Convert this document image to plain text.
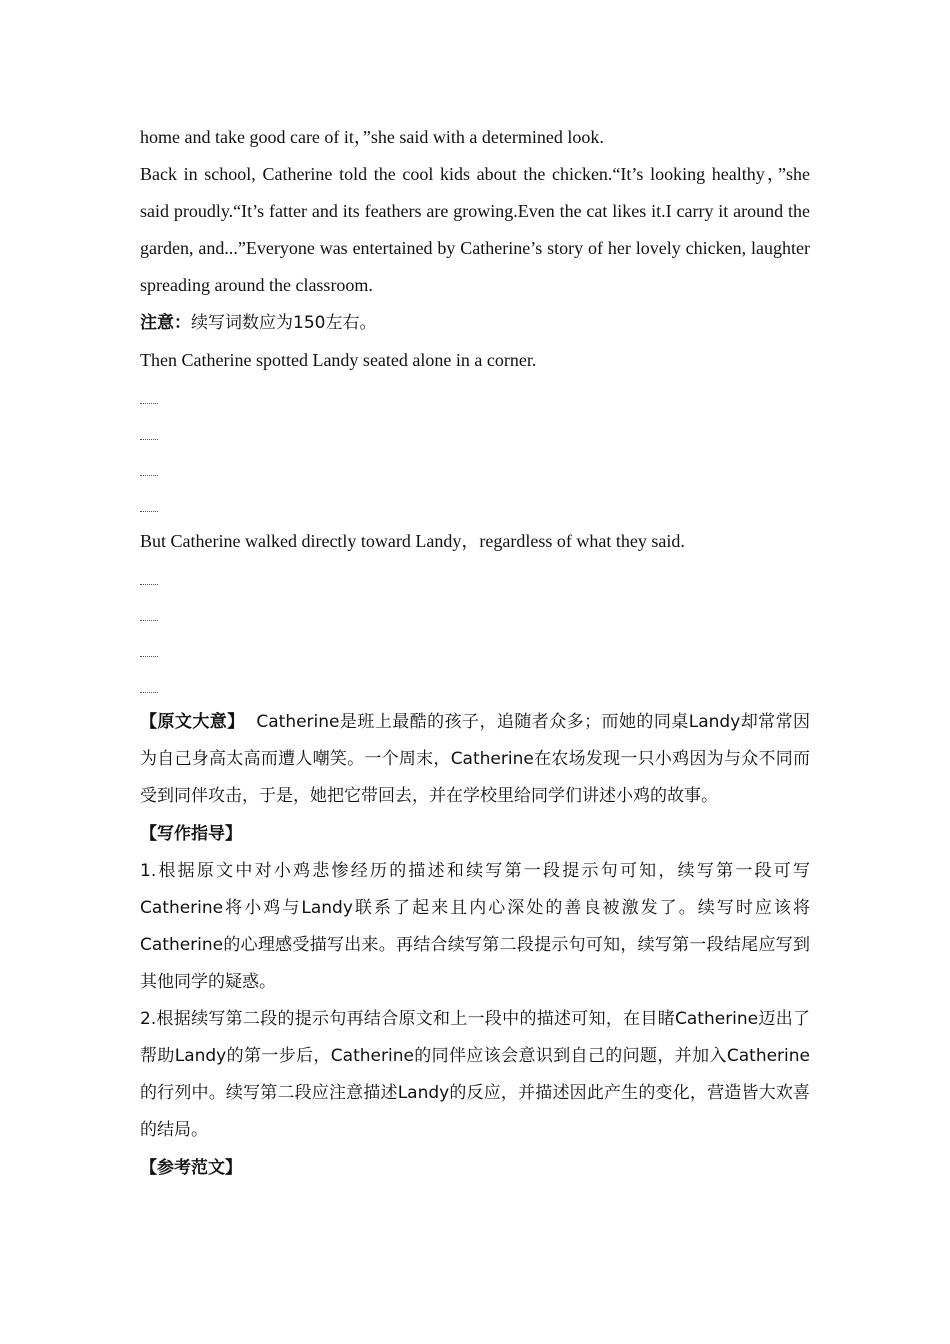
home and take good care of it，”she said with a determined look.

Back in school, Catherine told the cool kids about the chicken.“It’s looking healthy，”she said proudly.“It’s fatter and its feathers are growing.Even the cat likes it.I carry it around the garden, and...”Everyone was entertained by Catherine’s story of her lovely chicken, laughter spreading around the classroom.

注意：续写词数应为150左右。

Then Catherine spotted Landy seated alone in a corner.

But Catherine walked directly toward Landy，regardless of what they said.

【原文大意】 Catherine是班上最酷的孩子，追随者众多；而她的同桌Landy却常常因为自己身高太高而遭人嘲笑。一个周末，Catherine在农场发现一只小鸡因为与众不同而受到同伴攻击，于是，她把它带回去，并在学校里给同学们讲述小鸡的故事。

【写作指导】

1.根据原文中对小鸡悲惨经历的描述和续写第一段提示句可知，续写第一段可写Catherine将小鸡与Landy联系了起来且内心深处的善良被激发了。续写时应该将Catherine的心理感受描写出来。再结合续写第二段提示句可知，续写第一段结尾应写到其他同学的疑惑。

2.根据续写第二段的提示句再结合原文和上一段中的描述可知，在目睹Catherine迈出了帮助Landy的第一步后，Catherine的同伴应该会意识到自己的问题，并加入Catherine的行列中。续写第二段应注意描述Landy的反应，并描述因此产生的变化，营造皆大欢喜的结局。

【参考范文】
